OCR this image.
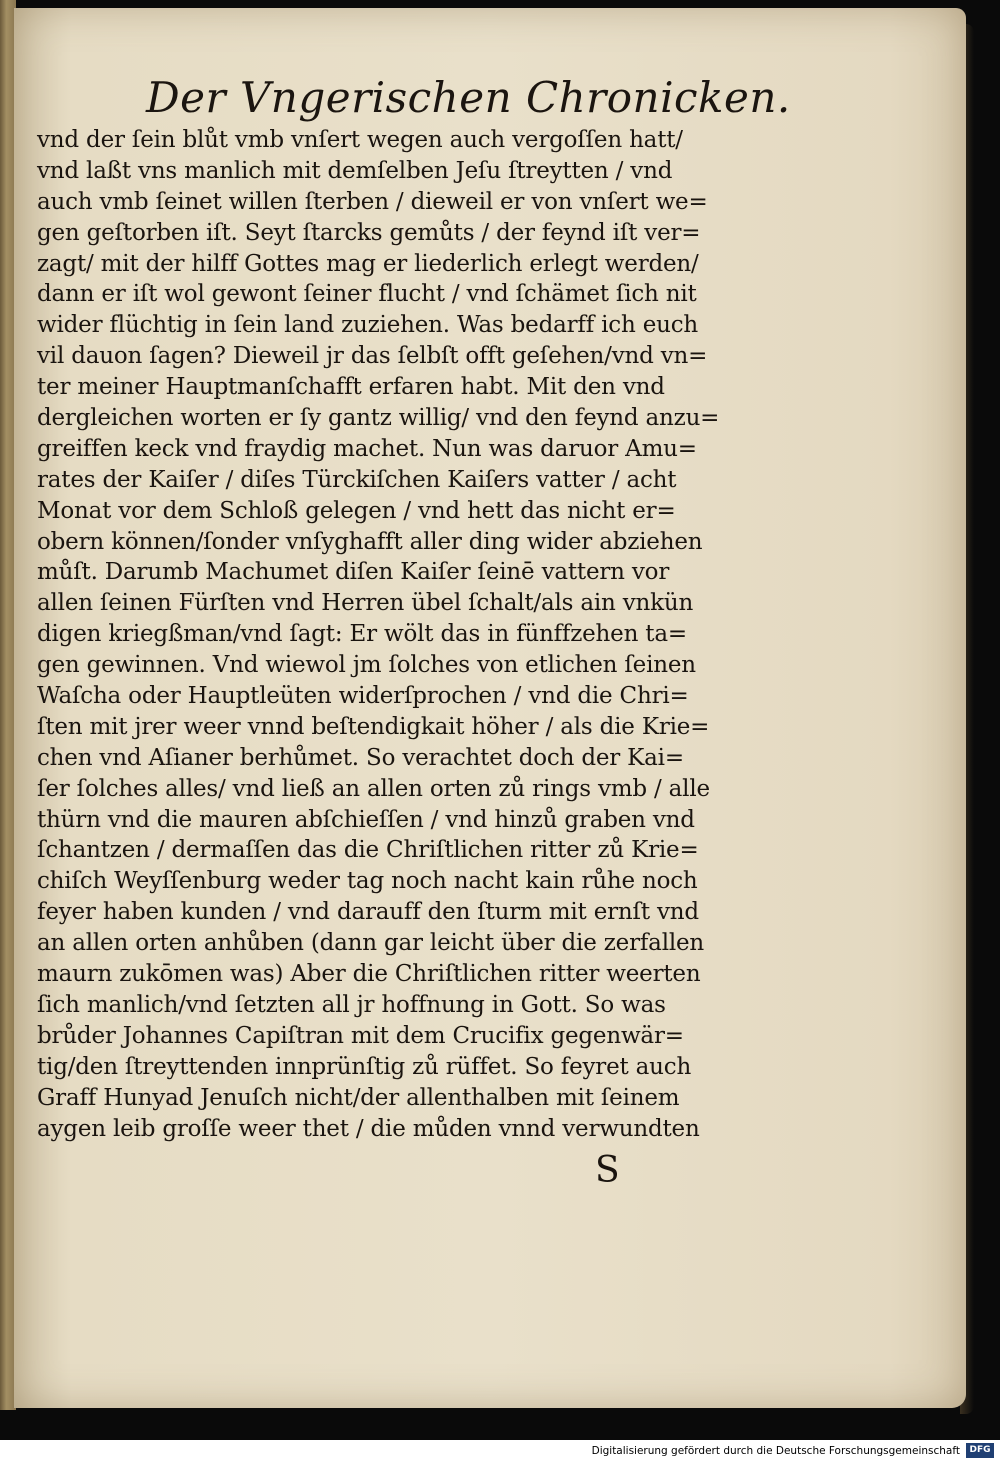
Der Vngerischen Chronicken.
vnd der ſein blůt vmb vnſert wegen auch vergoſſen hatt/
vnd laßt vns manlich mit demſelben Jeſu ſtreytten / vnd
auch vmb ſeinet willen ſterben / dieweil er von vnſert we=
gen geſtorben iſt. Seyt ſtarcks gemůts / der feynd iſt ver=
zagt/ mit der hilff Gottes mag er liederlich erlegt werden/
dann er iſt wol gewont ſeiner flucht / vnd ſchämet ſich nit
wider flüchtig in ſein land zuziehen. Was bedarff ich euch
vil dauon ſagen? Dieweil jr das ſelbſt offt geſehen/vnd vn=
ter meiner Hauptmanſchafft erfaren habt. Mit den vnd
dergleichen worten er ſy gantz willig/ vnd den feynd anzu=
greiffen keck vnd fraydig machet. Nun was daruor Amu=
rates der Kaiſer / diſes Türckiſchen Kaiſers vatter / acht
Monat vor dem Schloß gelegen / vnd hett das nicht er=
obern können/ſonder vnſyghafft aller ding wider abziehen
můſt. Darumb Machumet diſen Kaiſer ſeinē vattern vor
allen ſeinen Fürſten vnd Herren übel ſchalt/als ain vnkün
digen kriegßman/vnd ſagt: Er wölt das in fünffzehen ta=
gen gewinnen. Vnd wiewol jm ſolches von etlichen ſeinen
Waſcha oder Hauptleüten widerſprochen / vnd die Chri=
ſten mit jrer weer vnnd beſtendigkait höher / als die Krie=
chen vnd Aſianer berhůmet. So verachtet doch der Kai=
ſer ſolches alles/ vnd ließ an allen orten zů rings vmb / alle
thürn vnd die mauren abſchieſſen / vnd hinzů graben vnd
ſchantzen / dermaſſen das die Chriſtlichen ritter zů Krie=
chiſch Weyſſenburg weder tag noch nacht kain růhe noch
feyer haben kunden / vnd darauff den ſturm mit ernſt vnd
an allen orten anhůben (dann gar leicht über die zerfallen
maurn zukōmen was) Aber die Chriſtlichen ritter weerten
ſich manlich/vnd ſetzten all jr hoffnung in Gott. So was
brůder Johannes Capiſtran mit dem Crucifix gegenwär=
tig/den ſtreyttenden innprünſtig zů rüffet. So feyret auch
Graff Hunyad Jenuſch nicht/der allenthalben mit ſeinem
aygen leib groſſe weer thet / die můden vnnd verwundten
S
Digitalisierung gefördert durch die Deutsche Forschungsgemeinschaft	DFG
